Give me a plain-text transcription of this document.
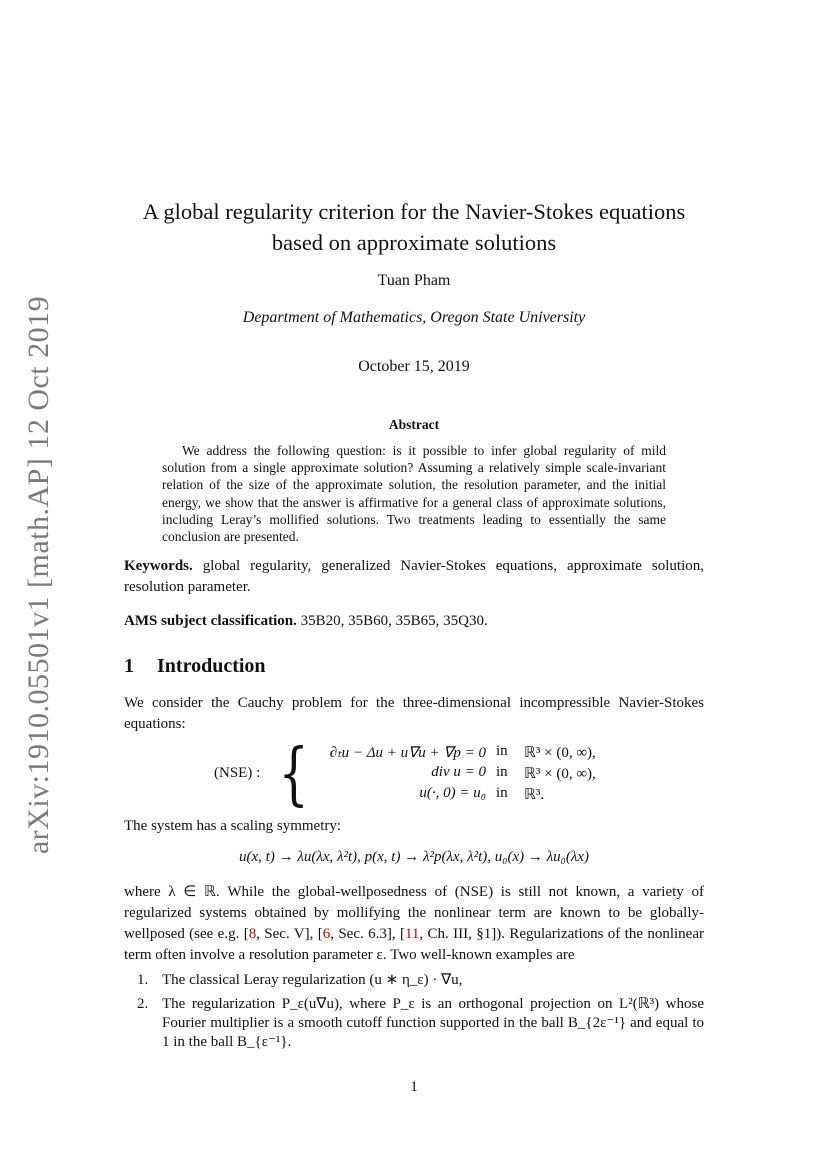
arXiv:1910.05501v1 [math.AP] 12 Oct 2019
A global regularity criterion for the Navier-Stokes equations
based on approximate solutions
Tuan Pham
Department of Mathematics, Oregon State University
October 15, 2019
Abstract
We address the following question: is it possible to infer global regularity of mild solution from a single approximate solution? Assuming a relatively simple scale-invariant relation of the size of the approximate solution, the resolution parameter, and the initial energy, we show that the answer is affirmative for a general class of approximate solutions, including Leray’s mollified solutions. Two treatments leading to essentially the same conclusion are presented.
Keywords. global regularity, generalized Navier-Stokes equations, approximate solution, resolution parameter.
AMS subject classification. 35B20, 35B60, 35B65, 35Q30.
1 Introduction
We consider the Cauchy problem for the three-dimensional incompressible Navier-Stokes equations:
(NSE) : { ∂ₜu − Δu + u∇u + ∇p = 0 in	ℝ³ × (0, ∞),
div u = 0 in	ℝ³ × (0, ∞),
u(·, 0) = u₀ in	ℝ³.
The system has a scaling symmetry:
u(x, t) → λu(λx, λ²t), p(x, t) → λ²p(λx, λ²t), u₀(x) → λu₀(λx)
where λ ∈ ℝ. While the global-wellposedness of (NSE) is still not known, a variety of regularized systems obtained by mollifying the nonlinear term are known to be globally-wellposed (see e.g. [8, Sec. V], [6, Sec. 6.3], [11, Ch. III, §1]). Regularizations of the nonlinear term often involve a resolution parameter ε. Two well-known examples are
1. The classical Leray regularization (u ∗ η_ε) · ∇u,
2. The regularization P_ε(u∇u), where P_ε is an orthogonal projection on L²(ℝ³) whose Fourier multiplier is a smooth cutoff function supported in the ball B_{2ε⁻¹} and equal to 1 in the ball B_{ε⁻¹}.
1
